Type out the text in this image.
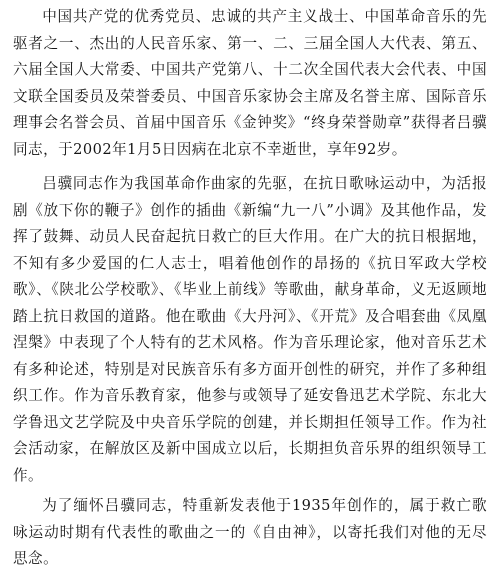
中国共产党的优秀党员、忠诚的共产主义战士、中国革命音乐的先驱者之一、杰出的人民音乐家、第一、二、三届全国人大代表、第五、六届全国人大常委、中国共产党第八、十二次全国代表大会代表、中国文联全国委员及荣誉委员、中国音乐家协会主席及名誉主席、国际音乐理事会名誉会员、首届中国音乐《金钟奖》“终身荣誉勋章”获得者吕骥同志，于2002年1月5日因病在北京不幸逝世，享年92岁。

吕骥同志作为我国革命作曲家的先驱，在抗日歌咏运动中，为活报剧《放下你的鞭子》创作的插曲《新编“九一八”小调》及其他作品，发挥了鼓舞、动员人民奋起抗日救亡的巨大作用。在广大的抗日根据地，不知有多少爱国的仁人志士，唱着他创作的昂扬的《抗日军政大学校歌》、《陕北公学校歌》、《毕业上前线》等歌曲，献身革命，义无返顾地踏上抗日救国的道路。他在歌曲《大丹河》、《开荒》及合唱套曲《凤凰涅槃》中表现了个人特有的艺术风格。作为音乐理论家，他对音乐艺术有多种论述，特别是对民族音乐有多方面开创性的研究，并作了多种组织工作。作为音乐教育家，他参与或领导了延安鲁迅艺术学院、东北大学鲁迅文艺学院及中央音乐学院的创建，并长期担任领导工作。作为社会活动家，在解放区及新中国成立以后，长期担负音乐界的组织领导工作。

为了缅怀吕骥同志，特重新发表他于1935年创作的，属于救亡歌咏运动时期有代表性的歌曲之一的《自由神》，以寄托我们对他的无尽思念。
